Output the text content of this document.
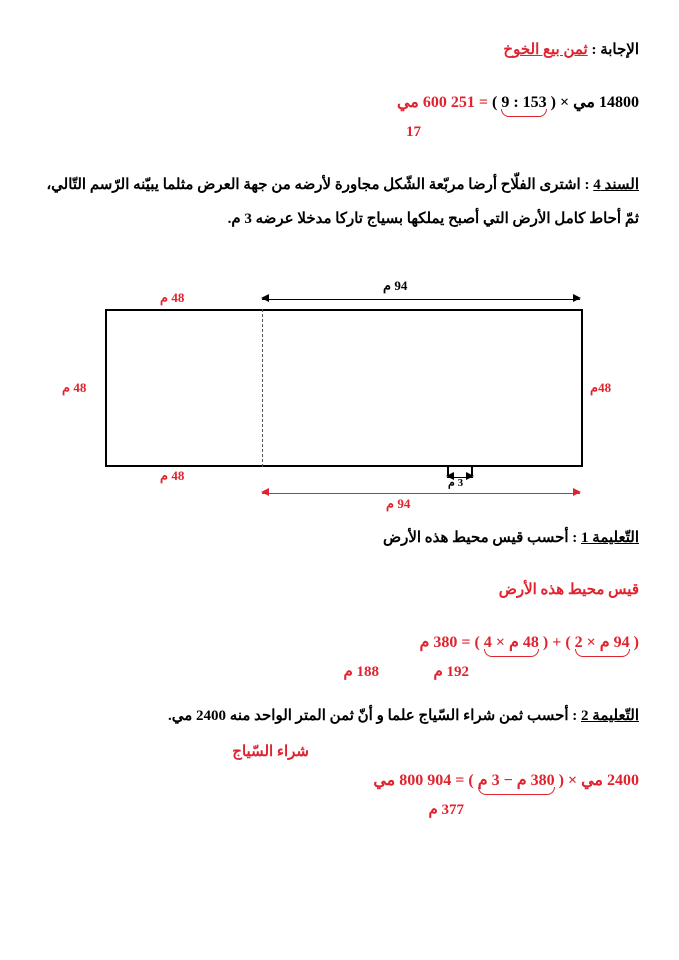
الإجابة : ثمن بيع الخوخ
14800 مي × ( 153 : 9
) = 251 600 مي
17
السند 4 : اشترى الفلّاح أرضا مربّعة الشّكل مجاورة لأرضه من جهة العرض مثلما يبيّنه الرّسم التّالي، ثمّ أحاط كامل الأرض التي أصبح يملكها بسياج تاركا مدخلا عرضه 3 م.
94 م
48 م
48 م	48م
48 م	3 م
94 م
التّعليمة 1 : أحسب قيس محيط هذه الأرض
قيس محيط هذه الأرض
( 94 م × 2
) + ( 48 م × 4
) = 380 م
188 م	192 م
التّعليمة 2 : أحسب ثمن شراء السّياج علما و أنّ ثمن المتر الواحد منه 2400 مي.
شراء السّياج
2400 مي × ( 380 م − 3 م
) = 904 800 مي
377 م
